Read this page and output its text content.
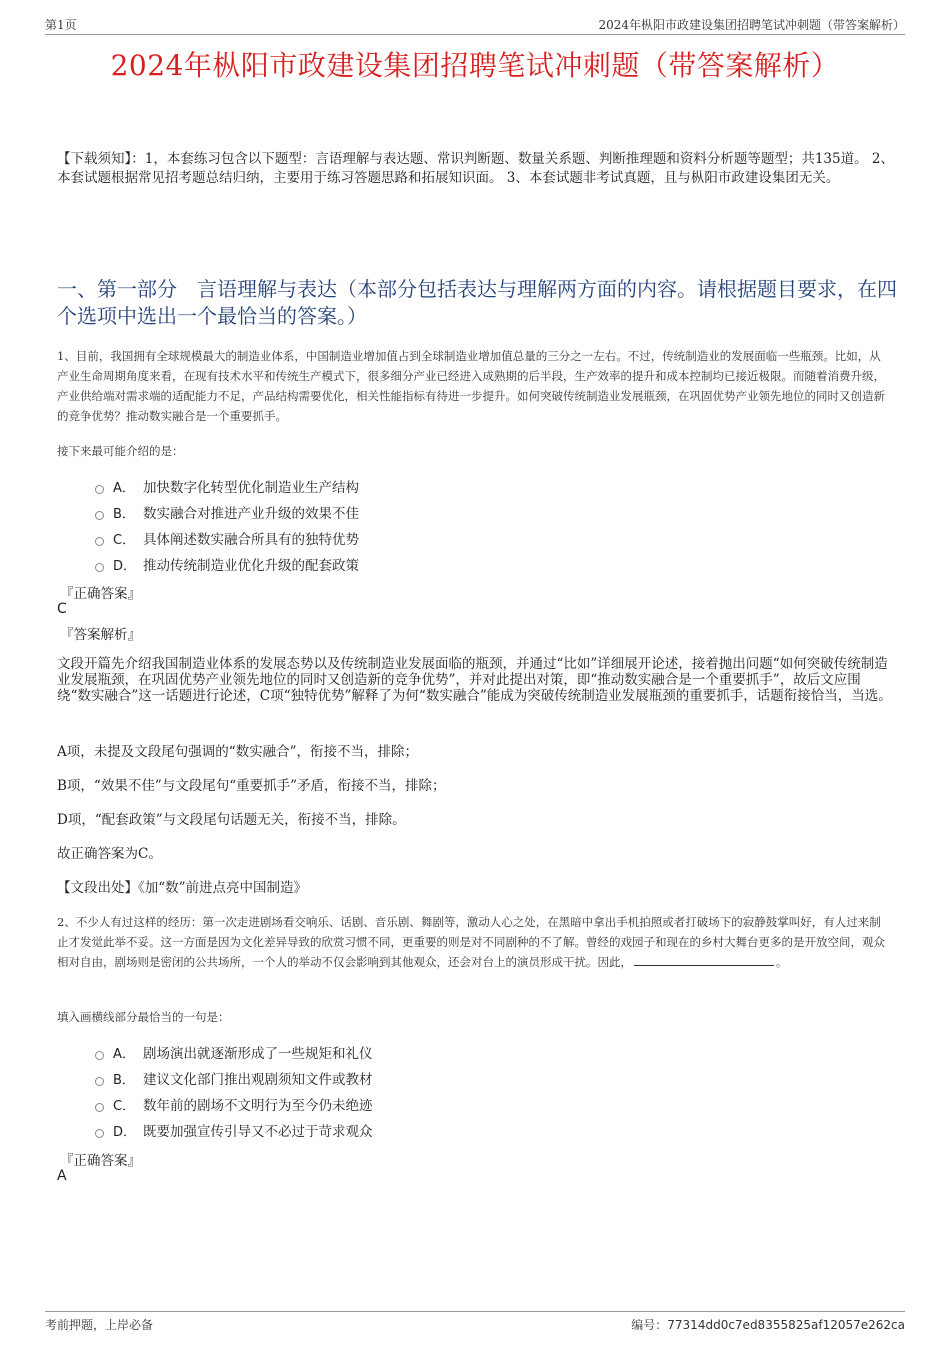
第1页	2024年枞阳市政建设集团招聘笔试冲刺题（带答案解析）
2024年枞阳市政建设集团招聘笔试冲刺题（带答案解析）
【下载须知】：1，本套练习包含以下题型：言语理解与表达题、常识判断题、数量关系题、判断推理题和资料分析题等题型；共135道。 2、本套试题根据常见招考题总结归纳，主要用于练习答题思路和拓展知识面。 3、本套试题非考试真题，且与枞阳市政建设集团无关。
一、第一部分　言语理解与表达（本部分包括表达与理解两方面的内容。请根据题目要求，在四个选项中选出一个最恰当的答案。）
1、目前，我国拥有全球规模最大的制造业体系，中国制造业增加值占到全球制造业增加值总量的三分之一左右。不过，传统制造业的发展面临一些瓶颈。比如，从产业生命周期角度来看，在现有技术水平和传统生产模式下，很多细分产业已经进入成熟期的后半段，生产效率的提升和成本控制均已接近极限。而随着消费升级，产业供给端对需求端的适配能力不足，产品结构需要优化，相关性能指标有待进一步提升。如何突破传统制造业发展瓶颈，在巩固优势产业领先地位的同时又创造新的竞争优势？推动数实融合是一个重要抓手。
接下来最可能介绍的是：
A． 加快数字化转型优化制造业生产结构
B． 数实融合对推进产业升级的效果不佳
C． 具体阐述数实融合所具有的独特优势
D． 推动传统制造业优化升级的配套政策
『正确答案』
C
『答案解析』
文段开篇先介绍我国制造业体系的发展态势以及传统制造业发展面临的瓶颈，并通过“比如”详细展开论述，接着抛出问题“如何突破传统制造业发展瓶颈，在巩固优势产业领先地位的同时又创造新的竞争优势”，并对此提出对策，即“推动数实融合是一个重要抓手”，故后文应围绕“数实融合”这一话题进行论述，C项“独特优势”解释了为何“数实融合”能成为突破传统制造业发展瓶颈的重要抓手，话题衔接恰当，当选。
A项，未提及文段尾句强调的“数实融合”，衔接不当，排除；
B项，“效果不佳”与文段尾句“重要抓手”矛盾，衔接不当，排除；
D项，“配套政策”与文段尾句话题无关，衔接不当，排除。
故正确答案为C。
【文段出处】《加“数”前进点亮中国制造》
2、不少人有过这样的经历：第一次走进剧场看交响乐、话剧、音乐剧、舞剧等，激动人心之处，在黑暗中拿出手机拍照或者打破场下的寂静鼓掌叫好，有人过来制止才发觉此举不妥。这一方面是因为文化差异导致的欣赏习惯不同，更重要的则是对不同剧种的不了解。曾经的戏园子和现在的乡村大舞台更多的是开放空间，观众相对自由，剧场则是密闭的公共场所，一个人的举动不仅会影响到其他观众，还会对台上的演员形成干扰。因此，	。
填入画横线部分最恰当的一句是：
A． 剧场演出就逐渐形成了一些规矩和礼仪
B． 建议文化部门推出观剧须知文件或教材
C． 数年前的剧场不文明行为至今仍未绝迹
D． 既要加强宣传引导又不必过于苛求观众
『正确答案』
A
考前押题，上岸必备	编号：77314dd0c7ed8355825af12057e262ca
